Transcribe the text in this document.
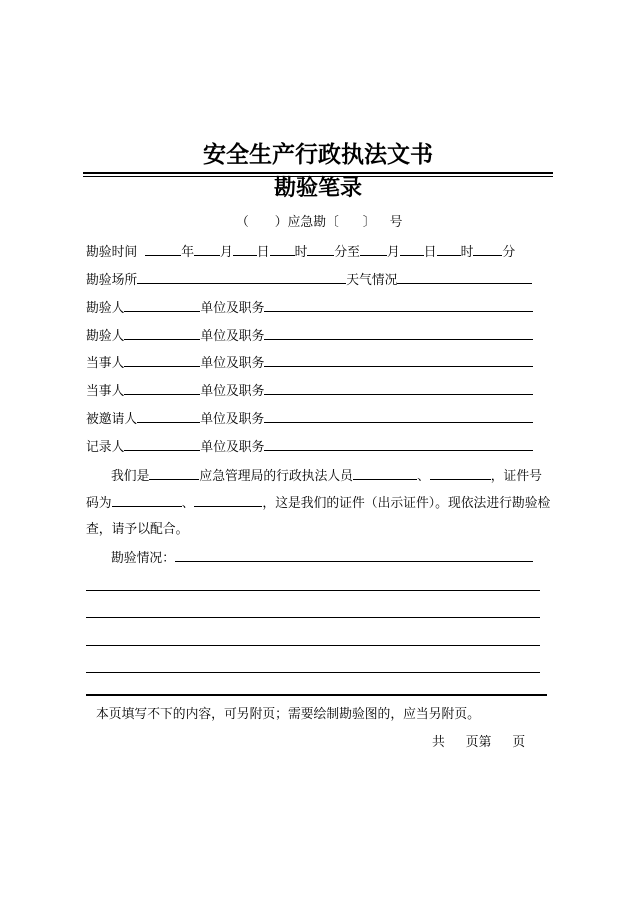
安全生产行政执法文书
勘验笔录
（ ）应急勘〔 〕 号
勘验时间	年 月 日 时 分至 月 日 时 分
勘验场所	天气情况
勘验人	单位及职务
勘验人	单位及职务
当事人	单位及职务
当事人	单位及职务
被邀请人	单位及职务
记录人	单位及职务
我们是	应急管理局的行政执法人员	、	，证件号
码为	、	，这是我们的证件（出示证件）。现依法进行勘验检
查，请予以配合。
勘验情况：
本页填写不下的内容，可另附页；需要绘制勘验图的，应当另附页。
共 页第 页
